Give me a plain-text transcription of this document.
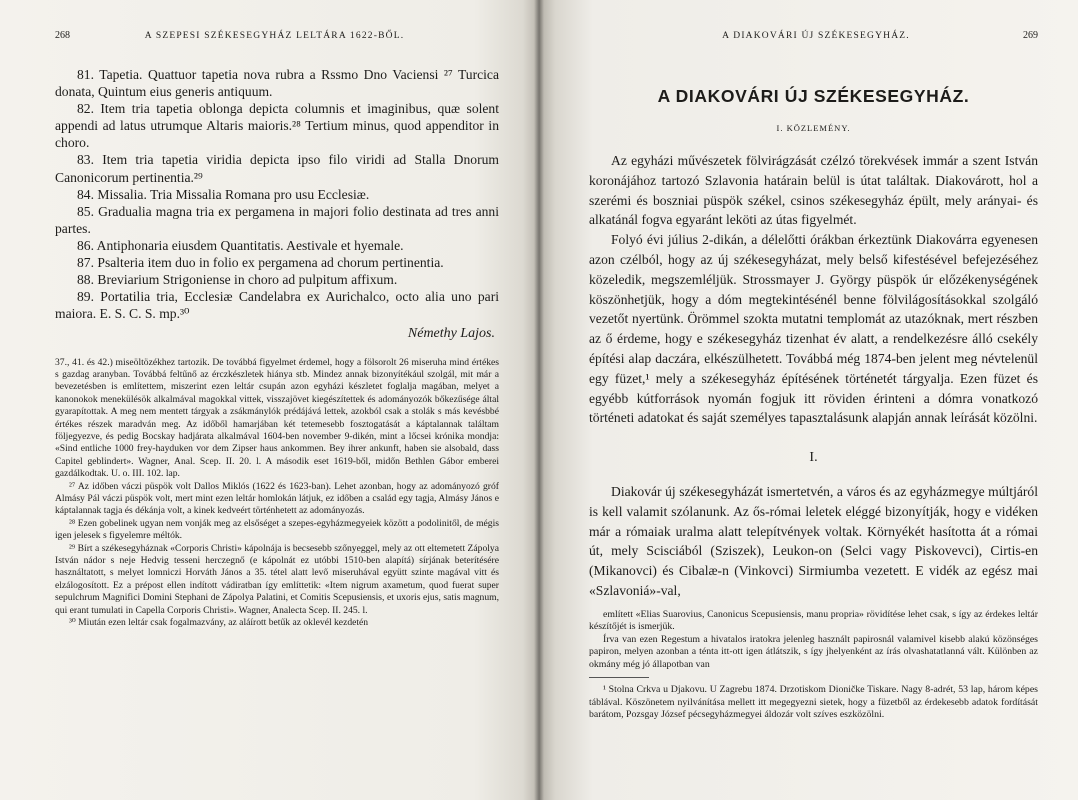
268	A SZEPESI SZÉKESEGYHÁZ LELTÁRA 1622-BŐL.

81. Tapetia. Quattuor tapetia nova rubra a Rssmo Dno Vaciensi ²⁷ Turcica donata, Quintum eius generis antiquum.

82. Item tria tapetia oblonga depicta columnis et imaginibus, quæ solent appendi ad latus utrumque Altaris maioris.²⁸ Tertium minus, quod appenditor in choro.

83. Item tria tapetia viridia depicta ipso filo viridi ad Stalla Dnorum Canonicorum pertinentia.²⁹

84. Missalia. Tria Missalia Romana pro usu Ecclesiæ.

85. Gradualia magna tria ex pergamena in majori folio destinata ad tres anni partes.

86. Antiphonaria eiusdem Quantitatis. Aestivale et hyemale.

87. Psalteria item duo in folio ex pergamena ad chorum pertinentia.

88. Breviarium Strigoniense in choro ad pulpitum affixum.

89. Portatilia tria, Ecclesiæ Candelabra ex Aurichalco, octo alia uno pari maiora. E. S. C. S. mp.³⁰

Némethy Lajos.

37., 41. és 42.) miseöltözékhez tartozik. De továbbá figyelmet érdemel, hogy a fölsorolt 26 miseruha mind értékes s gazdag aranyban. Továbbá feltűnő az érczkészletek hiánya stb. Mindez annak bizonyítékául szolgál, mit már a bevezetésben is említettem, miszerint ezen leltár csupán azon egyházi készletet foglalja magában, melyet a kanonokok menekülésök alkalmával magokkal vittek, visszajövet kiegészítettek és adományozók bőkezűsége által gyarapítottak. A meg nem mentett tárgyak a zsákmánylók prédájává lettek, azokból csak a stolák s más kevésbbé értékes részek maradván meg. Az időből hamarjában két tetemesebb fosztogatását a káptalannak találtam följegyezve, és pedig Bocskay hadjárata alkalmával 1604-ben november 9-dikén, mint a lőcsei krónika mondja: «Sind entliche 1000 frey-hayduken vor dem Zipser haus ankommen. Bey ihrer ankunft, haben sie alsobald, dass Capitel geblindert». Wagner, Anal. Scep. II. 20. l. A második eset 1619-ből, midőn Bethlen Gábor emberei gazdálkodtak. U. o. III. 102. lap.

²⁷ Az időben váczi püspök volt Dallos Miklós (1622 és 1623-ban). Lehet azonban, hogy az adományozó gróf Almásy Pál váczi püspök volt, mert mint ezen leltár homlokán látjuk, ez időben a család egy tagja, Almásy János e káptalannak tagja és dékánja volt, a kinek kedveért történhetett az adományozás.

²⁸ Ezen gobelinek ugyan nem vonják meg az elsőséget a szepes-egyházmegyeiek között a podolinitől, de mégis igen jelesek s figyelemre méltók.

²⁹ Bírt a székesegyháznak «Corporis Christi» kápolnája is becsesebb szőnyeggel, mely az ott eltemetett Zápolya István nádor s neje Hedvig tesseni herczegnő (e kápolnát ez utóbbi 1510-ben alapítá) sírjának beterítésére használtatott, s melyet lomniczi Horváth János a 35. tétel alatt levő miseruhával együtt szinte magával vitt és elzálogosított. Ez a prépost ellen indított vádiratban így említtetik: «Item nigrum axametum, quod fuerat super sepulchrum Magnifici Domini Stephani de Zápolya Palatini, et Comitis Scepusiensis, et uxoris ejus, satis magnum, qui erant tumulati in Capella Corporis Christi». Wagner, Analecta Scep. II. 245. l.

³⁰ Miután ezen leltár csak fogalmazvány, az aláírott betűk az oklevél kezdetén

A DIAKOVÁRI ÚJ SZÉKESEGYHÁZ.	269
A DIAKOVÁRI ÚJ SZÉKESEGYHÁZ.
I. KÖZLEMÉNY.

Az egyházi művészetek fölvirágzását czélzó törekvések immár a szent István koronájához tartozó Szlavonia határain belül is útat találtak. Diakovárott, hol a szerémi és boszniai püspök székel, csinos székesegyház épült, mely arányai- és alkatánál fogva egyaránt leköti az útas figyelmét.

Folyó évi július 2-dikán, a délelőtti órákban érkeztünk Diakovárra egyenesen azon czélból, hogy az új székesegyházat, mely belső kifestésével befejezéséhez közeledik, megszemléljük. Strossmayer J. György püspök úr előzékenységének köszönhetjük, hogy a dóm megtekintésénél benne fölvilágosításokkal szolgáló vezetőt nyertünk. Örömmel szokta mutatni templomát az utazóknak, mert részben az ő érdeme, hogy e székesegyház tizenhat év alatt, a rendelkezésre álló csekély építési alap daczára, elkészülhetett. Továbbá még 1874-ben jelent meg névtelenül egy füzet,¹ mely a székesegyház építésének történetét tárgyalja. Ezen füzet és egyébb kútforrások nyomán fogjuk itt röviden érinteni a dómra vonatkozó történeti adatokat és saját személyes tapasztalásunk alapján annak leírását közölni.

I.

Diakovár új székesegyházát ismertetvén, a város és az egyházmegye múltjáról is kell valamit szólanunk. Az ős-római leletek eléggé bizonyítják, hogy e vidéken már a rómaiak uralma alatt telepítvények voltak. Környékét hasította át a római út, mely Scisciából (Sziszek), Leukon-on (Selci vagy Piskovevci), Cirtis-en (Mikanovci) és Cibalæ-n (Vinkovci) Sirmiumba vezetett. E vidék az egész mai «Szlavoniá»-val,

említett «Elias Suarovius, Canonicus Scepusiensis, manu propria» rövidítése lehet csak, s így az érdekes leltár készítőjét is ismerjük.

Írva van ezen Regestum a hivatalos iratokra jelenleg használt papirosnál valamivel kisebb alakú közönséges papiron, melyen azonban a ténta itt-ott igen átlátszik, s így jhelyenként az írás olvashatatlanná vált. Különben az okmány még jó állapotban van

¹ Stolna Crkva u Djakovu. U Zagrebu 1874. Drzotiskom Dioničke Tiskare. Nagy 8-adrét, 53 lap, három képes táblával. Köszönetem nyilvánítása mellett itt megegyezni sietek, hogy a füzetből az érdekesebb adatok fordítását barátom, Pozsgay József pécsegyházmegyei áldozár volt szíves eszközölni.
